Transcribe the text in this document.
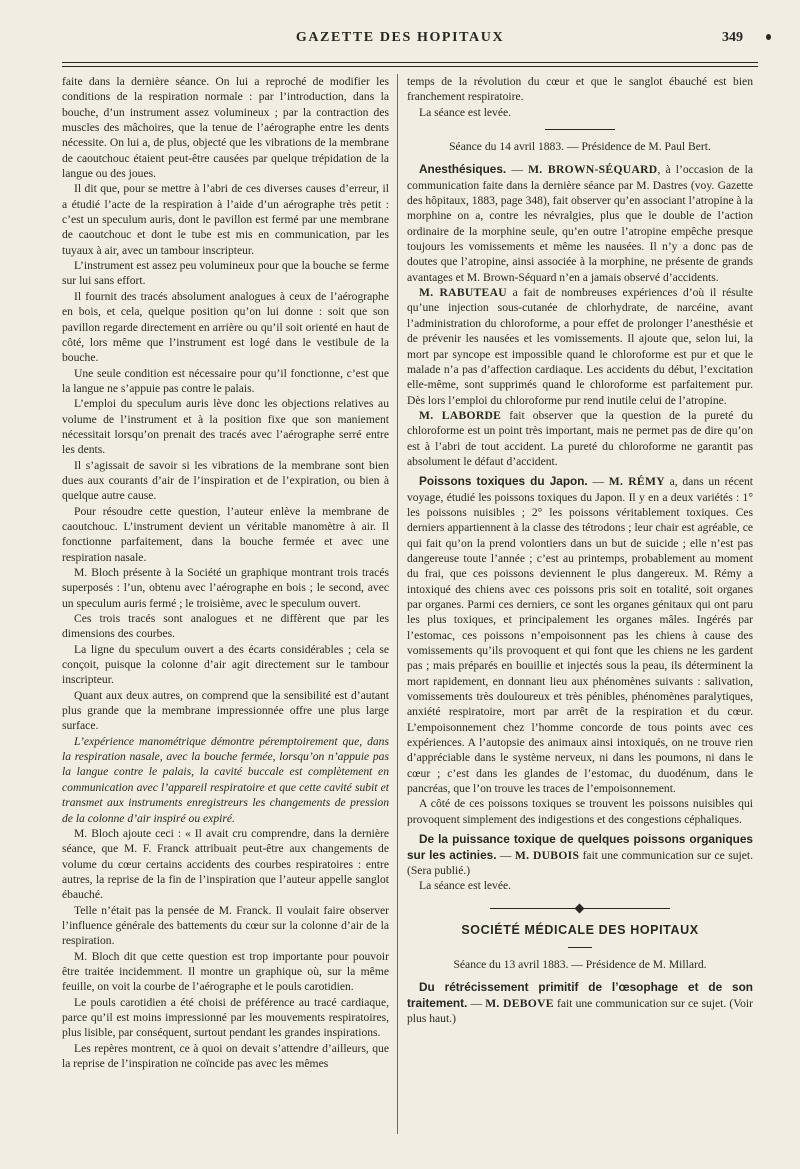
GAZETTE DES HOPITAUX	349

faite dans la dernière séance. On lui a reproché de modifier les conditions de la respiration normale : par l’introduction, dans la bouche, d’un instrument assez volumineux ; par la contraction des muscles des mâchoires, que la tenue de l’aérographe entre les dents nécessite. On lui a, de plus, objecté que les vibrations de la membrane de caoutchouc étaient peut-être causées par quelque trépidation de la langue ou des joues.

Il dit que, pour se mettre à l’abri de ces diverses causes d’erreur, il a étudié l’acte de la respiration à l’aide d’un aérographe très petit : c’est un speculum auris, dont le pavillon est fermé par une membrane de caoutchouc et dont le tube est mis en communication, par les tuyaux à air, avec un tambour inscripteur.

L’instrument est assez peu volumineux pour que la bouche se ferme sur lui sans effort.

Il fournit des tracés absolument analogues à ceux de l’aérographe en bois, et cela, quelque position qu’on lui donne : soit que son pavillon regarde directement en arrière ou qu’il soit orienté en haut de côté, lors même que l’instrument est logé dans le vestibule de la bouche.

Une seule condition est nécessaire pour qu’il fonctionne, c’est que la langue ne s’appuie pas contre le palais.

L’emploi du speculum auris lève donc les objections relatives au volume de l’instrument et à la position fixe que son maniement nécessitait lorsqu’on prenait des tracés avec l’aérographe serré entre les dents.

Il s’agissait de savoir si les vibrations de la membrane sont bien dues aux courants d’air de l’inspiration et de l’expiration, ou bien à quelque autre cause.

Pour résoudre cette question, l’auteur enlève la membrane de caoutchouc. L’instrument devient un véritable manomètre à air. Il fonctionne parfaitement, dans la bouche fermée et avec une respiration nasale.

M. Bloch présente à la Société un graphique montrant trois tracés superposés : l’un, obtenu avec l’aérographe en bois ; le second, avec un speculum auris fermé ; le troisième, avec le speculum ouvert.

Ces trois tracés sont analogues et ne diffèrent que par les dimensions des courbes.

La ligne du speculum ouvert a des écarts considérables ; cela se conçoit, puisque la colonne d’air agit directement sur le tambour inscripteur.

Quant aux deux autres, on comprend que la sensibilité est d’autant plus grande que la membrane impressionnée offre une plus large surface.

L’expérience manométrique démontre péremptoirement que, dans la respiration nasale, avec la bouche fermée, lorsqu’on n’appuie pas la langue contre le palais, la cavité buccale est complètement en communication avec l’appareil respiratoire et que cette cavité subit et transmet aux instruments enregistreurs les changements de pression de la colonne d’air inspiré ou expiré.

M. Bloch ajoute ceci : « Il avait cru comprendre, dans la dernière séance, que M. F. Franck attribuait peut-être aux changements de volume du cœur certains accidents des courbes respiratoires : entre autres, la reprise de la fin de l’inspiration que l’auteur appelle sanglot ébauché.

Telle n’était pas la pensée de M. Franck. Il voulait faire observer l’influence générale des battements du cœur sur la colonne d’air de la respiration.

M. Bloch dit que cette question est trop importante pour pouvoir être traitée incidemment. Il montre un graphique où, sur la même feuille, on voit la courbe de l’aérographe et le pouls carotidien.

Le pouls carotidien a été choisi de préférence au tracé cardiaque, parce qu’il est moins impressionné par les mouvements respiratoires, plus lisible, par conséquent, surtout pendant les grandes inspirations.

Les repères montrent, ce à quoi on devait s’attendre d’ailleurs, que la reprise de l’inspiration ne coïncide pas avec les mêmes

temps de la révolution du cœur et que le sanglot ébauché est bien franchement respiratoire.

La séance est levée.

Séance du 14 avril 1883. — Présidence de M. Paul Bert.

Anesthésiques. — M. BROWN-SÉQUARD, à l’occasion de la communication faite dans la dernière séance par M. Dastres (voy. Gazette des hôpitaux, 1883, page 348), fait observer qu’en associant l’atropine à la morphine on a, contre les névralgies, plus que le double de l’action ordinaire de la morphine seule, qu’en outre l’atropine empêche presque toujours les vomissements et même les nausées. Il n’y a donc pas de doutes que l’atropine, ainsi associée à la morphine, ne présente de grands avantages et M. Brown-Séquard n’en a jamais observé d’accidents.

M. RABUTEAU a fait de nombreuses expériences d’où il résulte qu’une injection sous-cutanée de chlorhydrate, de narcéine, avant l’administration du chloroforme, a pour effet de prolonger l’anesthésie et de prévenir les nausées et les vomissements. Il ajoute que, selon lui, la mort par syncope est impossible quand le chloroforme est pur et que le malade n’a pas d’affection cardiaque. Les accidents du début, l’excitation elle-même, sont supprimés quand le chloroforme est parfaitement pur. Dès lors l’emploi du chloroforme pur rend inutile celui de l’atropine.

M. LABORDE fait observer que la question de la pureté du chloroforme est un point très important, mais ne permet pas de dire qu’on est à l’abri de tout accident. La pureté du chloroforme ne garantit pas absolument le défaut d’accident.

Poissons toxiques du Japon. — M. RÉMY a, dans un récent voyage, étudié les poissons toxiques du Japon. Il y en a deux variétés : 1° les poissons nuisibles ; 2° les poissons véritablement toxiques. Ces derniers appartiennent à la classe des tétrodons ; leur chair est agréable, ce qui fait qu’on la prend volontiers dans un but de suicide ; elle n’est pas dangereuse toute l’année ; c’est au printemps, probablement au moment du frai, que ces poissons deviennent le plus dangereux. M. Rémy a intoxiqué des chiens avec ces poissons pris soit en totalité, soit organes par organes. Parmi ces derniers, ce sont les organes génitaux qui ont paru les plus toxiques, et principalement les organes mâles. Ingérés par l’estomac, ces poissons n’empoisonnent pas les chiens à cause des vomissements qu’ils provoquent et qui font que les chiens ne les gardent pas ; mais préparés en bouillie et injectés sous la peau, ils déterminent la mort rapidement, en donnant lieu aux phénomènes suivants : salivation, vomissements très douloureux et très pénibles, phénomènes paralytiques, anxiété respiratoire, mort par arrêt de la respiration et du cœur. L’empoisonnement chez l’homme concorde de tous points avec ces expériences. A l’autopsie des animaux ainsi intoxiqués, on ne trouve rien d’appréciable dans le système nerveux, ni dans les poumons, ni dans le cœur ; c’est dans les glandes de l’estomac, du duodénum, dans le pancréas, que l’on trouve les traces de l’empoisonnement.

A côté de ces poissons toxiques se trouvent les poissons nuisibles qui provoquent simplement des indigestions et des congestions céphaliques.

De la puissance toxique de quelques poissons organiques sur les actinies. — M. DUBOIS fait une communication sur ce sujet. (Sera publié.)

La séance est levée.

SOCIÉTÉ MÉDICALE DES HOPITAUX

Séance du 13 avril 1883. — Présidence de M. Millard.

Du rétrécissement primitif de l’œsophage et de son traitement. — M. DEBOVE fait une communication sur ce sujet. (Voir plus haut.)
